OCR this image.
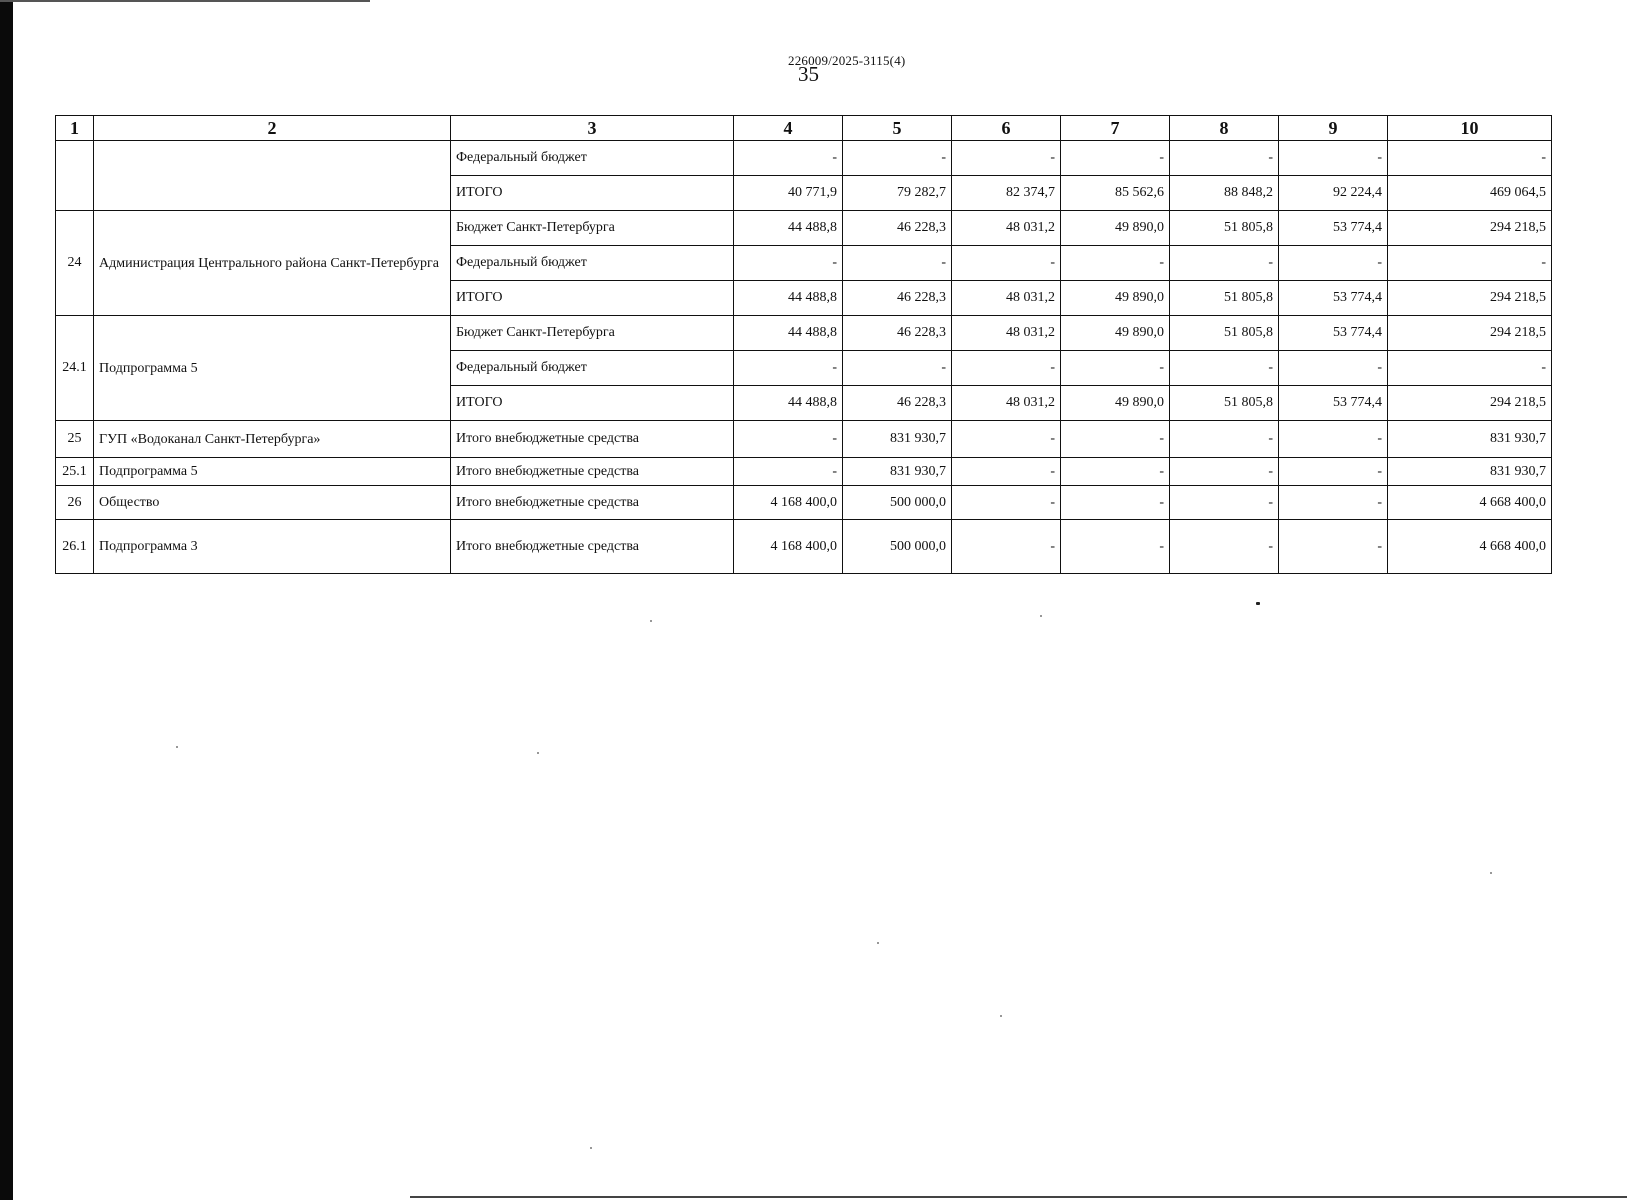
226009/2025-3115(4)
35
1	2	3	4	5	6	7	8	9	10
		Федеральный бюджет	-	-	-	-	-	-	-
		ИТОГО	40 771,9	79 282,7	82 374,7	85 562,6	88 848,2	92 224,4	469 064,5
24	Администрация Центрального района Санкт-Петербурга	Бюджет Санкт-Петербурга	44 488,8	46 228,3	48 031,2	49 890,0	51 805,8	53 774,4	294 218,5
		Федеральный бюджет	-	-	-	-	-	-	-
		ИТОГО	44 488,8	46 228,3	48 031,2	49 890,0	51 805,8	53 774,4	294 218,5
24.1	Подпрограмма 5	Бюджет Санкт-Петербурга	44 488,8	46 228,3	48 031,2	49 890,0	51 805,8	53 774,4	294 218,5
		Федеральный бюджет	-	-	-	-	-	-	-
		ИТОГО	44 488,8	46 228,3	48 031,2	49 890,0	51 805,8	53 774,4	294 218,5
25	ГУП «Водоканал Санкт-Петербурга»	Итого внебюджетные средства	-	831 930,7	-	-	-	-	831 930,7
25.1	Подпрограмма 5	Итого внебюджетные средства	-	831 930,7	-	-	-	-	831 930,7
26	Общество	Итого внебюджетные средства	4 168 400,0	500 000,0	-	-	-	-	4 668 400,0
26.1	Подпрограмма 3	Итого внебюджетные средства	4 168 400,0	500 000,0	-	-	-	-	4 668 400,0
